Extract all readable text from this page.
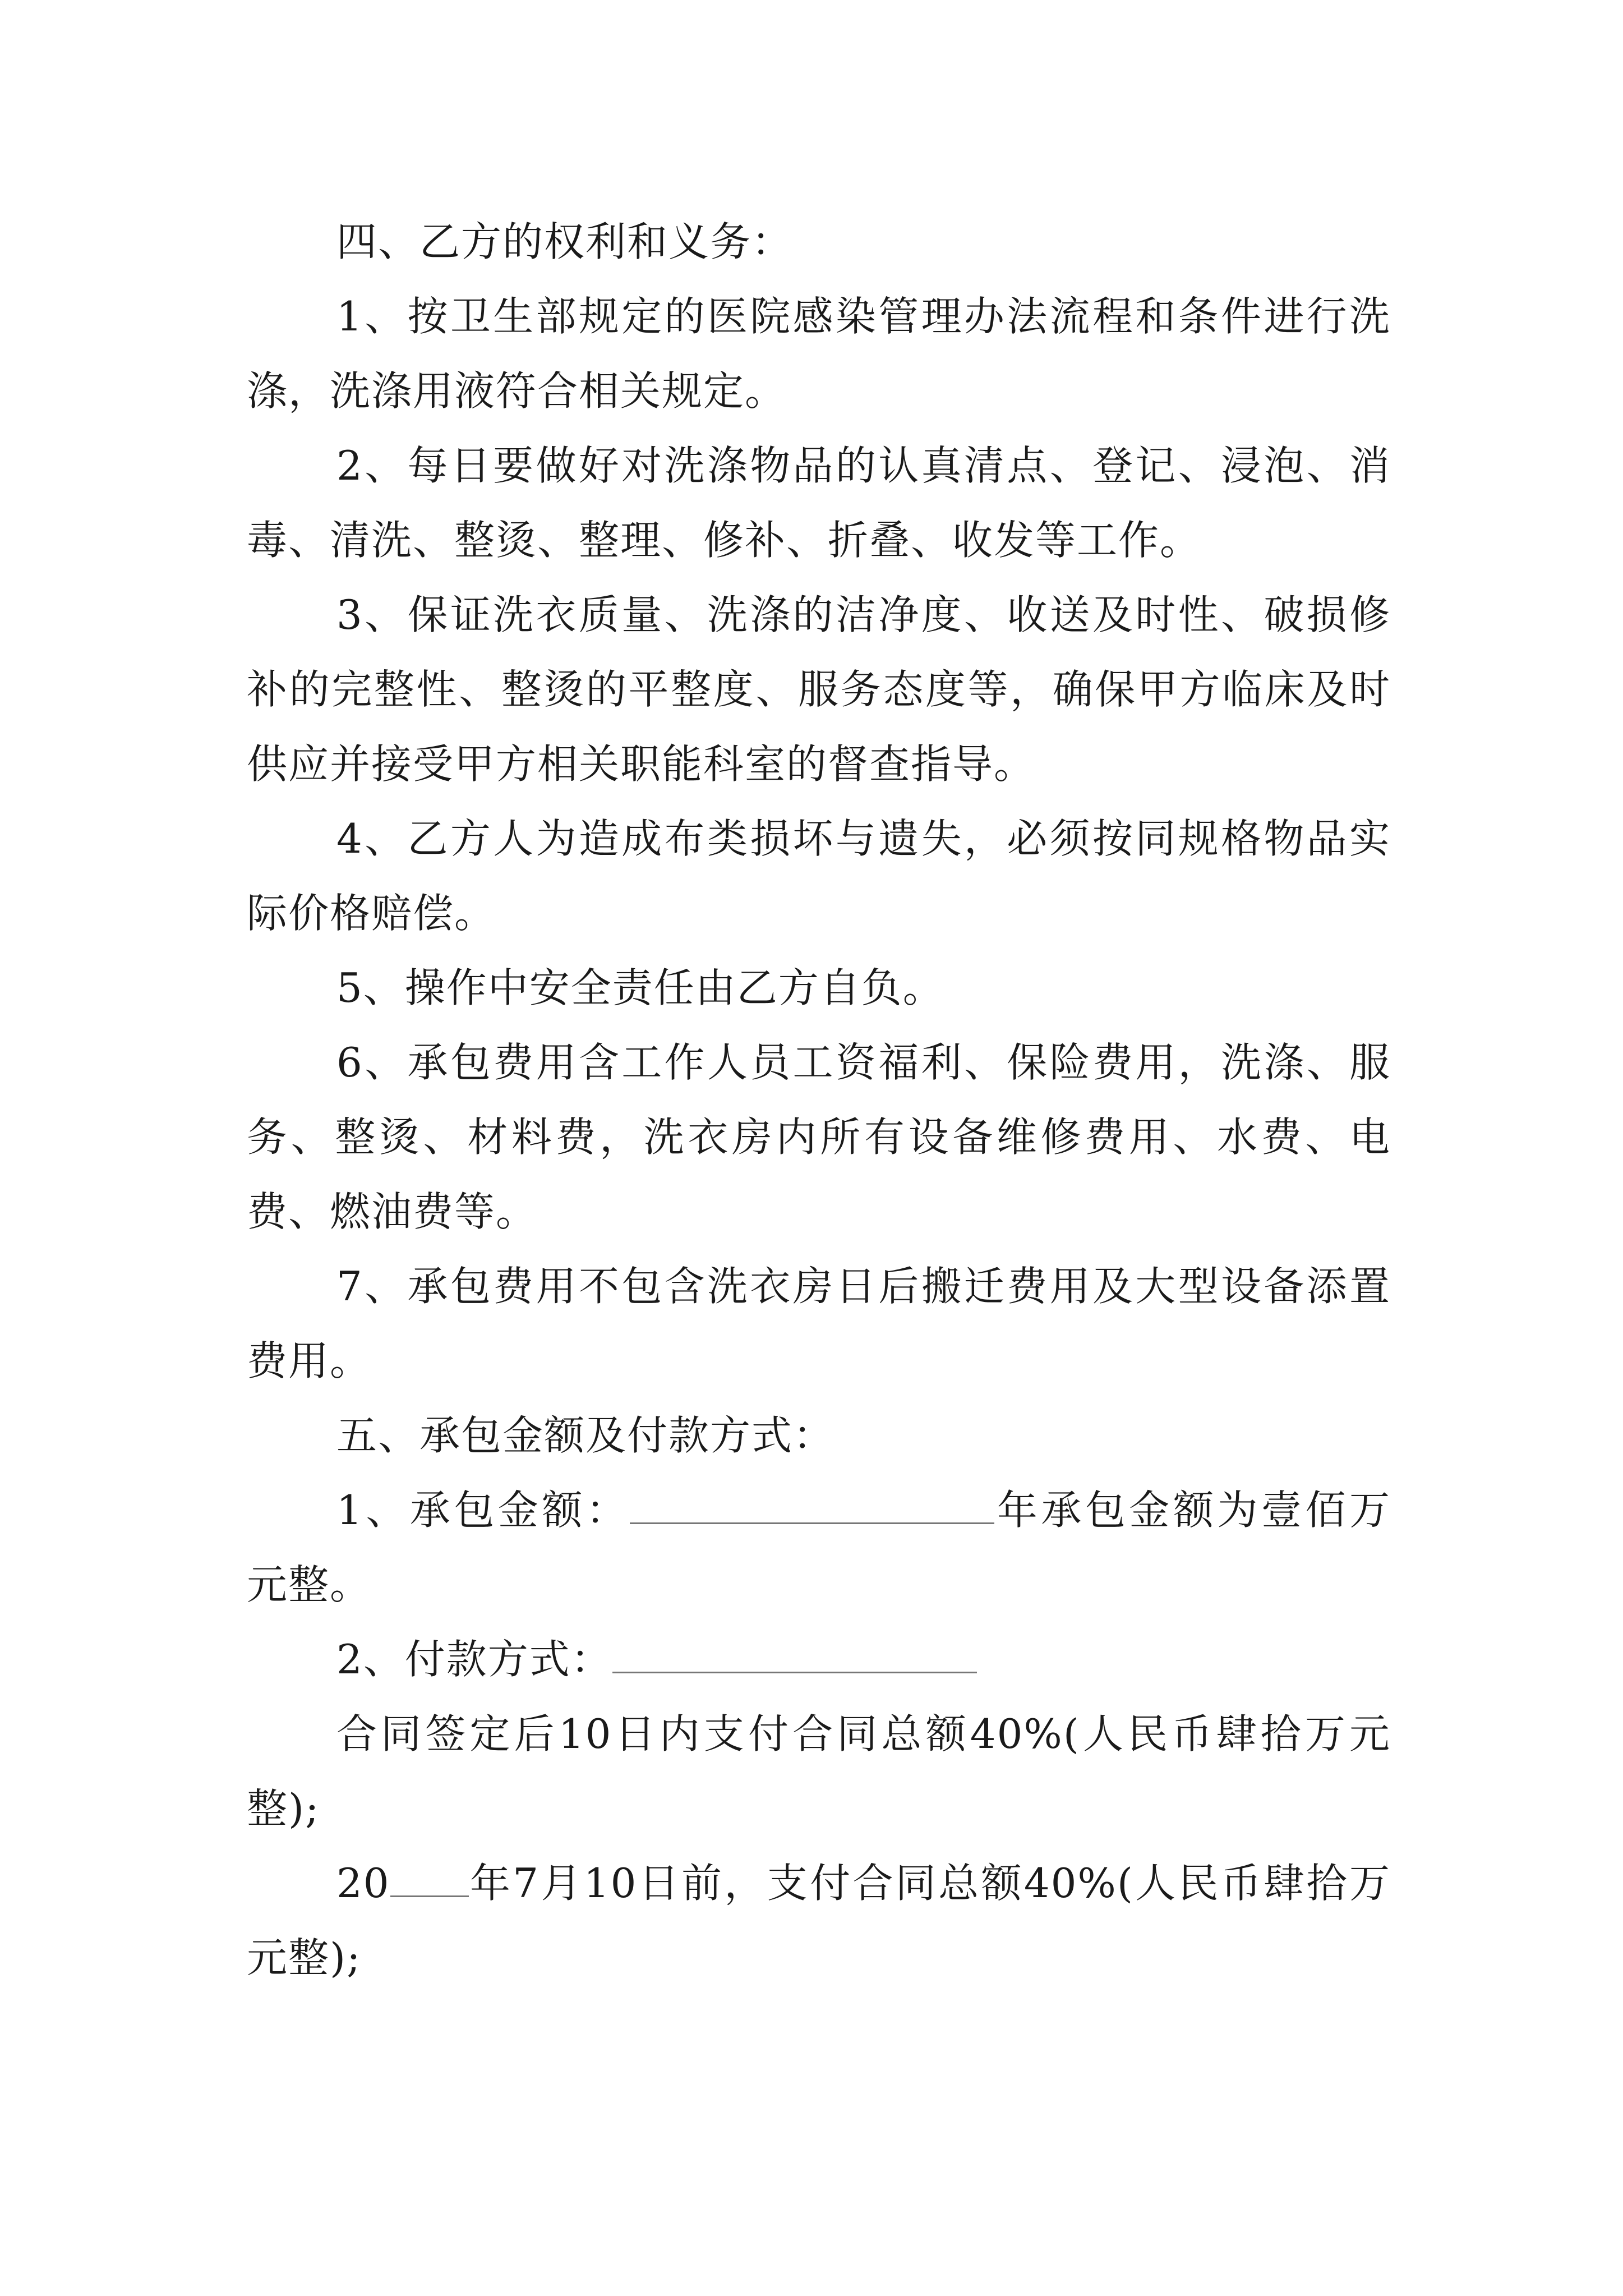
四、乙方的权利和义务：

1、按卫生部规定的医院感染管理办法流程和条件进行洗涤，洗涤用液符合相关规定。

2、每日要做好对洗涤物品的认真清点、登记、浸泡、消毒、清洗、整烫、整理、修补、折叠、收发等工作。

3、保证洗衣质量、洗涤的洁净度、收送及时性、破损修补的完整性、整烫的平整度、服务态度等，确保甲方临床及时供应并接受甲方相关职能科室的督查指导。

4、乙方人为造成布类损坏与遗失，必须按同规格物品实际价格赔偿。

5、操作中安全责任由乙方自负。

6、承包费用含工作人员工资福利、保险费用，洗涤、服务、整烫、材料费，洗衣房内所有设备维修费用、水费、电费、燃油费等。

7、承包费用不包含洗衣房日后搬迁费用及大型设备添置费用。

五、承包金额及付款方式：

1、承包金额：	年承包金额为壹佰万元整。

2、付款方式：

合同签定后10日内支付合同总额40%(人民币肆拾万元整);

20 年7月10日前，支付合同总额40%(人民币肆拾万元整);
